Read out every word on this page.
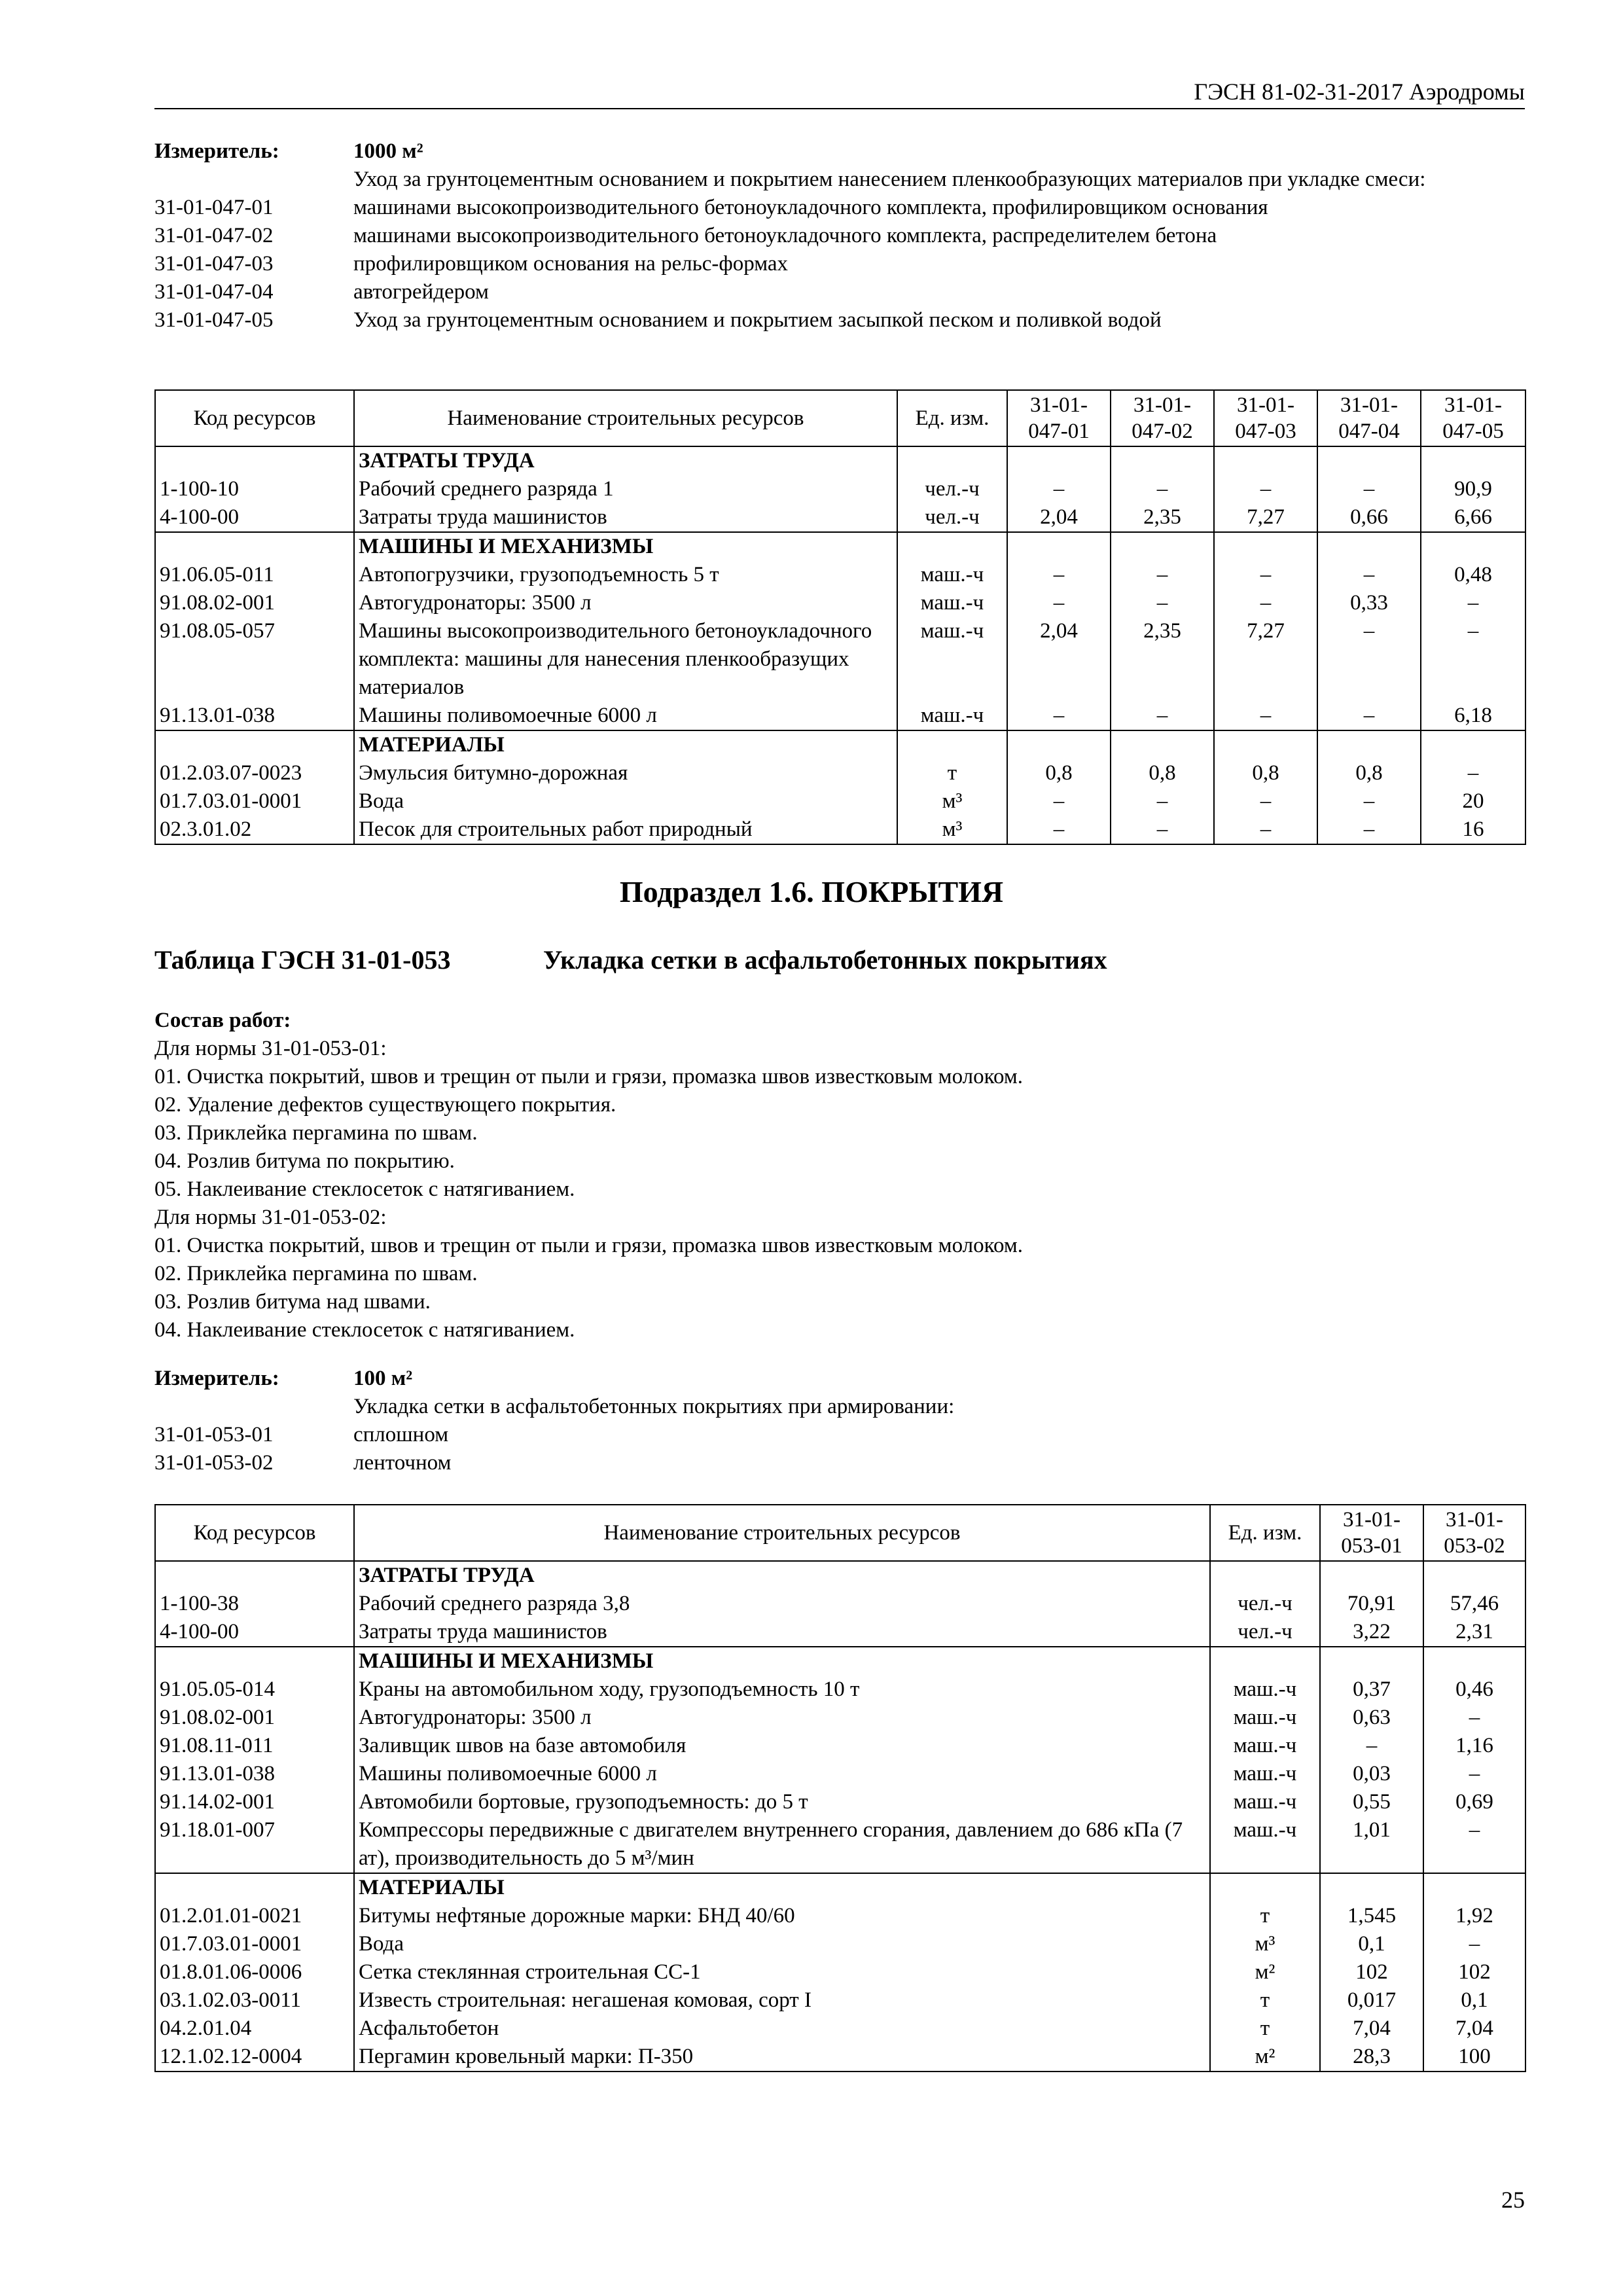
ГЭСН 81-02-31-2017 Аэродромы
Измеритель:	1000 м²
Уход за грунтоцементным основанием и покрытием нанесением пленкообразующих материалов при укладке смеси:
31-01-047-01	машинами высокопроизводительного бетоноукладочного комплекта, профилировщиком основания
31-01-047-02	машинами высокопроизводительного бетоноукладочного комплекта, распределителем бетона
31-01-047-03	профилировщиком основания на рельс-формах
31-01-047-04	автогрейдером
31-01-047-05	Уход за грунтоцементным основанием и покрытием засыпкой песком и поливкой водой
Код ресурсов	Наименование строительных ресурсов	Ед. изм.	31-01-047-01	31-01-047-02	31-01-047-03	31-01-047-04	31-01-047-05
	ЗАТРАТЫ ТРУДА						
1-100-10	Рабочий среднего разряда 1	чел.-ч	–	–	–	–	90,9
4-100-00	Затраты труда машинистов	чел.-ч	2,04	2,35	7,27	0,66	6,66
	МАШИНЫ И МЕХАНИЗМЫ						
91.06.05-011	Автопогрузчики, грузоподъемность 5 т	маш.-ч	–	–	–	–	0,48
91.08.02-001	Автогудронаторы: 3500 л	маш.-ч	–	–	–	0,33	–
91.08.05-057	Машины высокопроизводительного бетоноукладочного комплекта: машины для нанесения пленкообразущих материалов	маш.-ч	2,04	2,35	7,27	–	–
91.13.01-038	Машины поливомоечные 6000 л	маш.-ч	–	–	–	–	6,18
	МАТЕРИАЛЫ						
01.2.03.07-0023	Эмульсия битумно-дорожная	т	0,8	0,8	0,8	0,8	–
01.7.03.01-0001	Вода	м³	–	–	–	–	20
02.3.01.02	Песок для строительных работ природный	м³	–	–	–	–	16
Подраздел 1.6. ПОКРЫТИЯ
Таблица ГЭСН 31-01-053	Укладка сетки в асфальтобетонных покрытиях
Состав работ:
Для нормы 31-01-053-01:
01. Очистка покрытий, швов и трещин от пыли и грязи, промазка швов известковым молоком.
02. Удаление дефектов существующего покрытия.
03. Приклейка пергамина по швам.
04. Розлив битума по покрытию.
05. Наклеивание стеклосеток с натягиванием.
Для нормы 31-01-053-02:
01. Очистка покрытий, швов и трещин от пыли и грязи, промазка швов известковым молоком.
02. Приклейка пергамина по швам.
03. Розлив битума над швами.
04. Наклеивание стеклосеток с натягиванием.
Измеритель:	100 м²
Укладка сетки в асфальтобетонных покрытиях при армировании:
31-01-053-01	сплошном
31-01-053-02	ленточном
Код ресурсов	Наименование строительных ресурсов	Ед. изм.	31-01-053-01	31-01-053-02
	ЗАТРАТЫ ТРУДА			
1-100-38	Рабочий среднего разряда 3,8	чел.-ч	70,91	57,46
4-100-00	Затраты труда машинистов	чел.-ч	3,22	2,31
	МАШИНЫ И МЕХАНИЗМЫ			
91.05.05-014	Краны на автомобильном ходу, грузоподъемность 10 т	маш.-ч	0,37	0,46
91.08.02-001	Автогудронаторы: 3500 л	маш.-ч	0,63	–
91.08.11-011	Заливщик швов на базе автомобиля	маш.-ч	–	1,16
91.13.01-038	Машины поливомоечные 6000 л	маш.-ч	0,03	–
91.14.02-001	Автомобили бортовые, грузоподъемность: до 5 т	маш.-ч	0,55	0,69
91.18.01-007	Компрессоры передвижные с двигателем внутреннего сгорания, давлением до 686 кПа (7 ат), производительность до 5 м³/мин	маш.-ч	1,01	–
	МАТЕРИАЛЫ			
01.2.01.01-0021	Битумы нефтяные дорожные марки: БНД 40/60	т	1,545	1,92
01.7.03.01-0001	Вода	м³	0,1	–
01.8.01.06-0006	Сетка стеклянная строительная СС-1	м²	102	102
03.1.02.03-0011	Известь строительная: негашеная комовая, сорт I	т	0,017	0,1
04.2.01.04	Асфальтобетон	т	7,04	7,04
12.1.02.12-0004	Пергамин кровельный марки: П-350	м²	28,3	100
25
